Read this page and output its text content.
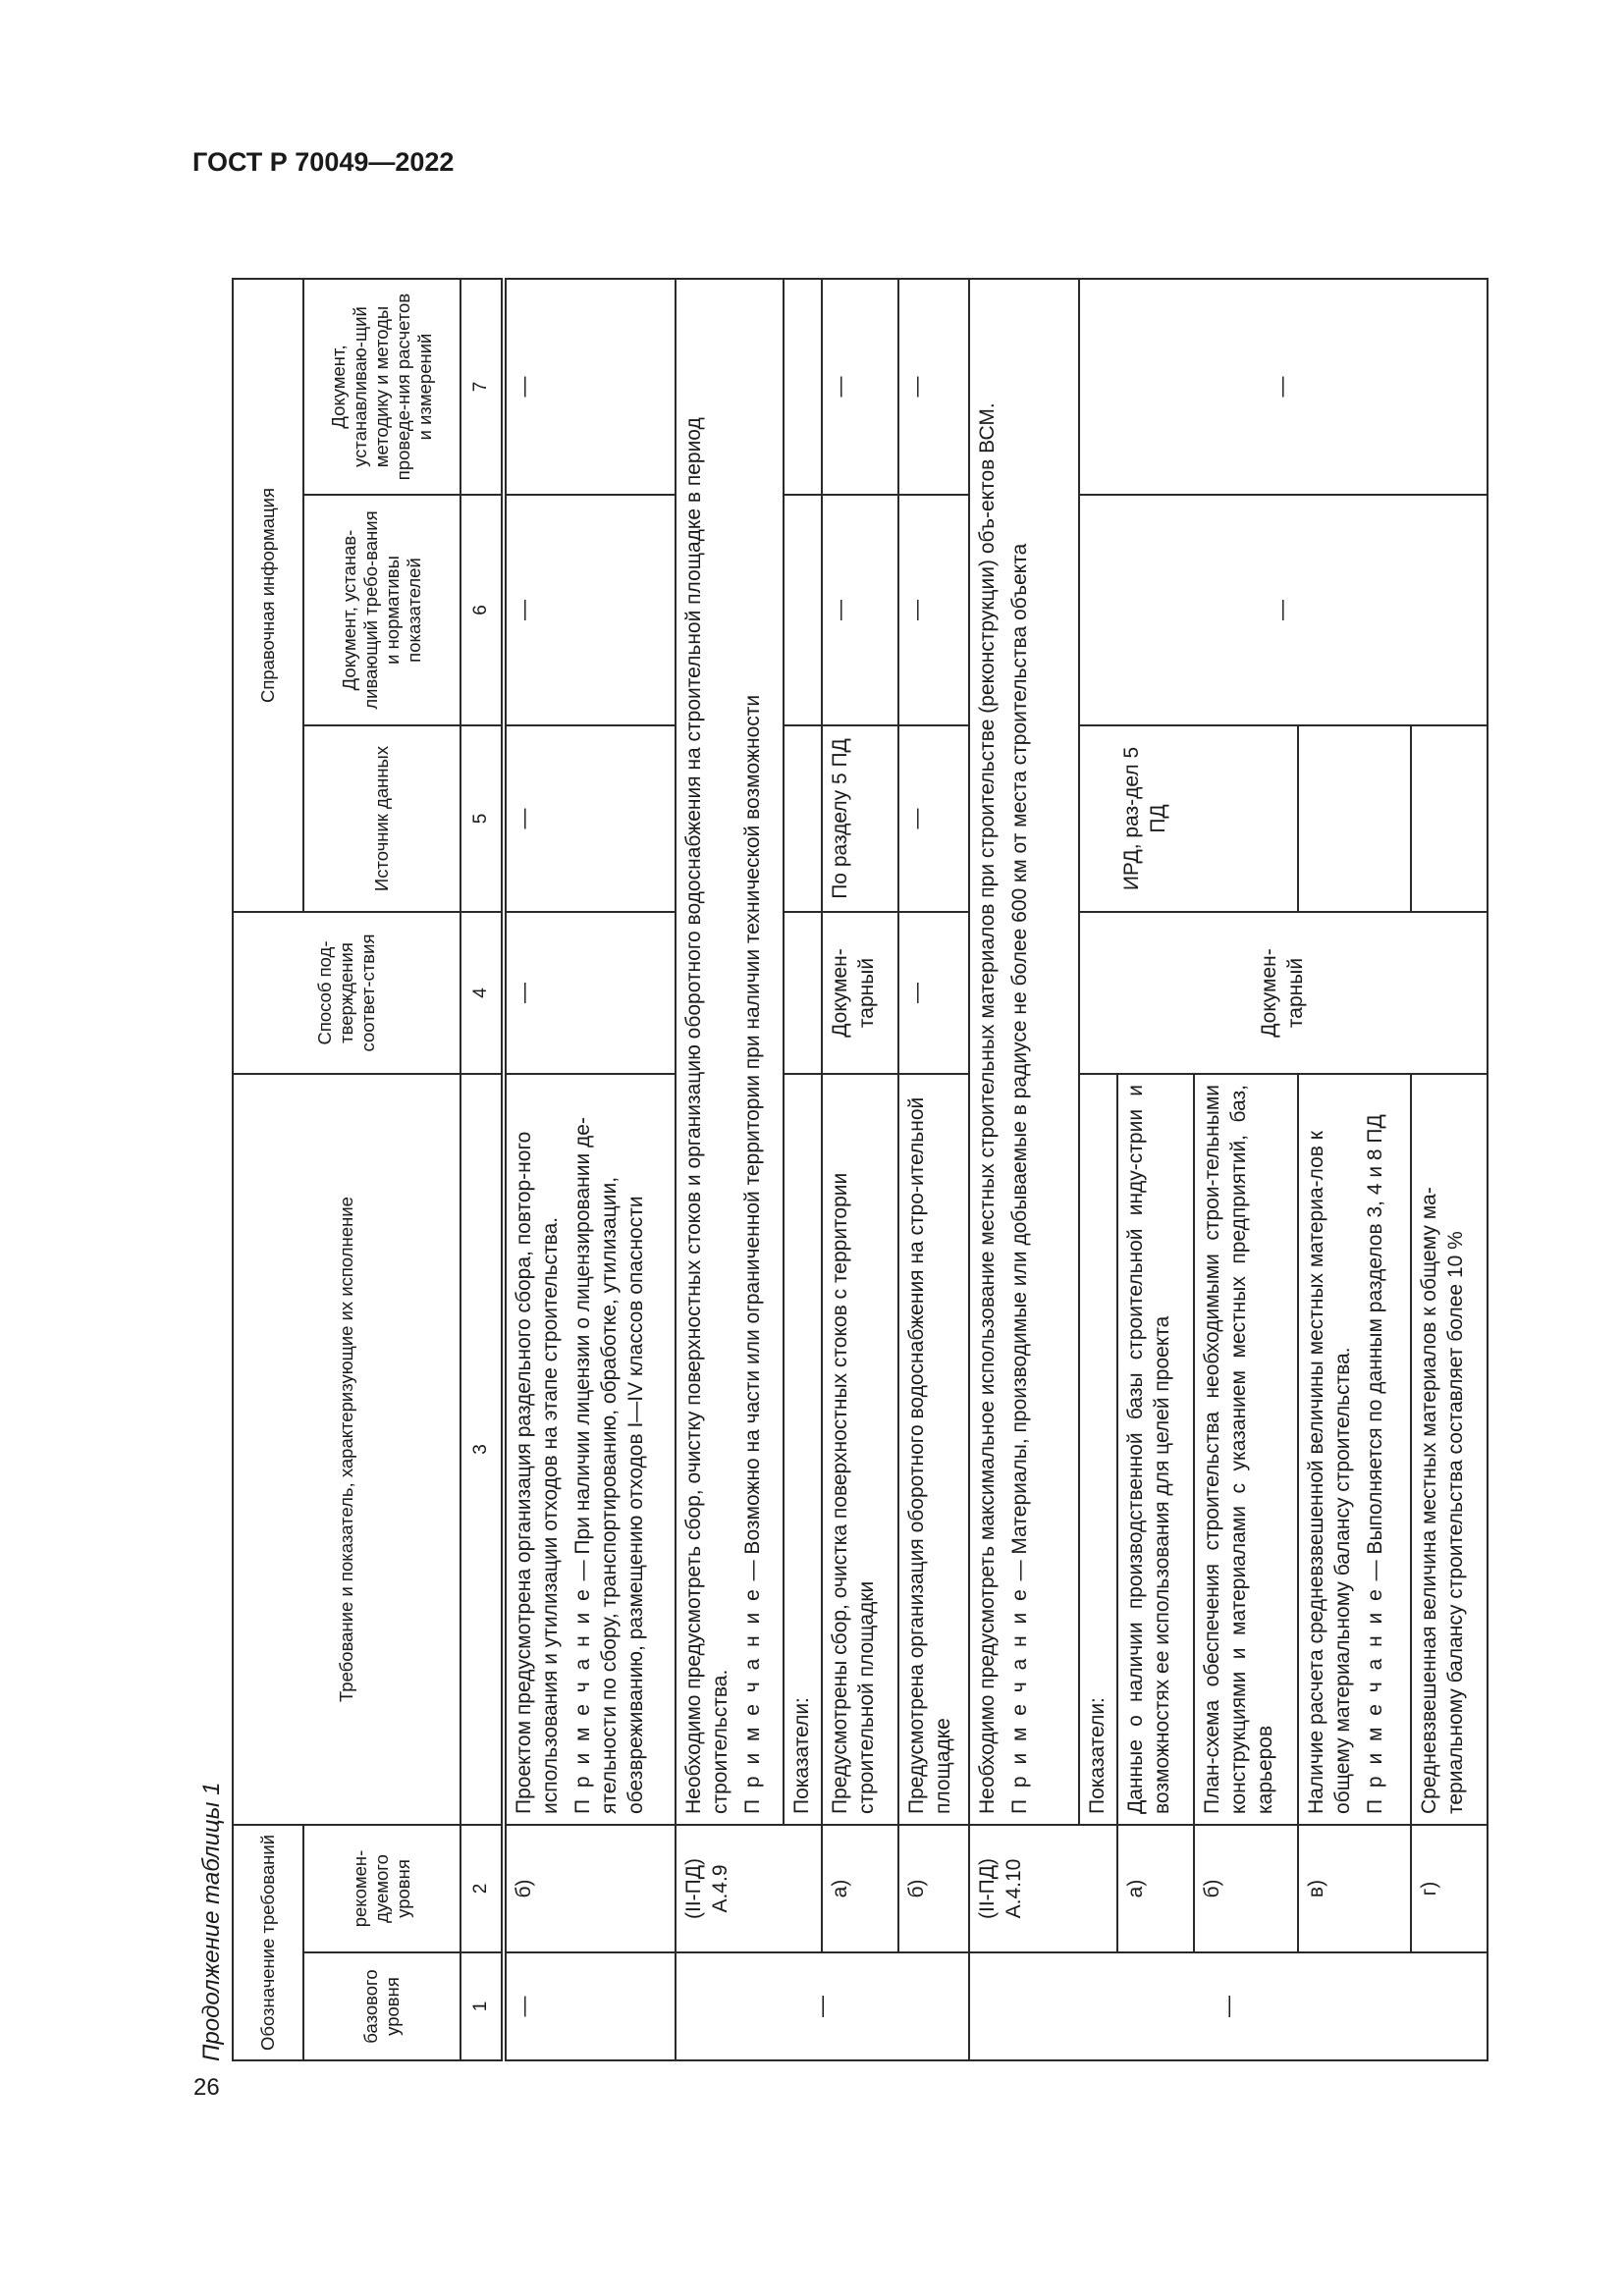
ГОСТ Р 70049—2022
26
Продолжение таблицы 1	Обозначение требований		Требование и показатель, характеризующие их исполнение	Способ под-тверждения соответ-ствия	Справочная информация		
базового уровня	рекомен-дуемого уровня			Источник данных	Документ, устанав-ливающий требо-вания и нормативы показателей	Документ, устанавливаю-щий методику и методы проведе-ния расчетов и измерений
1	2	3	4	5	6	7
—	б)	Проектом предусмотрена организация раздельного сбора, повтор-ного использования и утилизации отходов на этапе строительства. П р и м е ч а н и е — При наличии лицензии о лицензировании де-ятельности по сбору, транспортированию, обработке, утилизации, обезвреживанию, размещению отходов I—IV классов опасности	—	—	—	—
—	(II-ПД) А.4.9	Необходимо предусмотреть сбор, очистку поверхностных стоков и организацию оборотного водоснабжения на строительной площадке в период строительства. П р и м е ч а н и е — Возможно на части или ограниченной территории при наличии технической возможности				

		Показатели:				
	а)	Предусмотрены сбор, очистка поверхностных стоков с территории строительной площадки	Докумен-тарный	По разделу 5 ПД	—	—
	б)	Предусмотрена организация оборотного водоснабжения на стро-ительной площадке	—	—	—	—
—	(II-ПД) А.4.10	Необходимо предусмотреть максимальное использование местных строительных материалов при строительстве (реконструкции) объ-ектов ВСМ. П р и м е ч а н и е — Материалы, производимые или добываемые в радиусе не более 600 км от места строительства объекта				

		Показатели:	Докумен-тарный	ИРД, раз-дел 5 ПД	—	—
	а)	Данные о наличии производственной базы строительной инду-стрии и возможностях ее использования для целей проекта				
	б)	План-схема обеспечения строительства необходимыми строи-тельными конструкциями и материалами с указанием местных предприятий, баз, карьеров				
	в)	Наличие расчета средневзвешенной величины местных материа-лов к общему материальному балансу строительства. П р и м е ч а н и е — Выполняется по данным разделов 3, 4 и 8 ПД				

	г)	Средневзвешенная величина местных материалов к общему ма-териальному балансу строительства составляет более 10 %				
